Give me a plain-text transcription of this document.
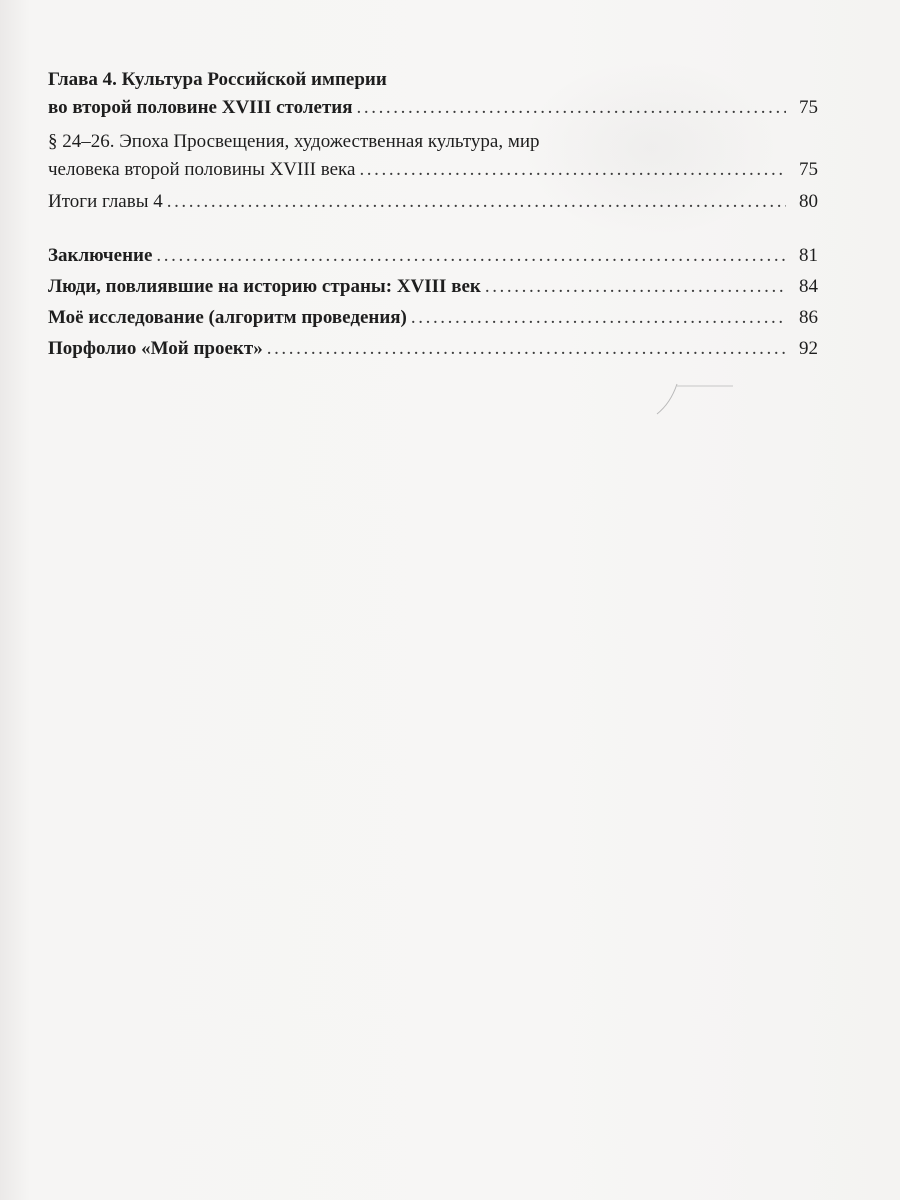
Глава 4. Культура Российской империи
во второй половине XVIII столетия .....	75
§ 24–26. Эпоха Просвещения, художественная культура, мир
человека второй половины XVIII века .....	75
Итоги главы 4 .....	80
Заключение .....	81
Люди, повлиявшие на историю страны: XVIII век .....	84
Моё исследование (алгоритм проведения) .....	86
Порфолио «Мой проект» .....	92
